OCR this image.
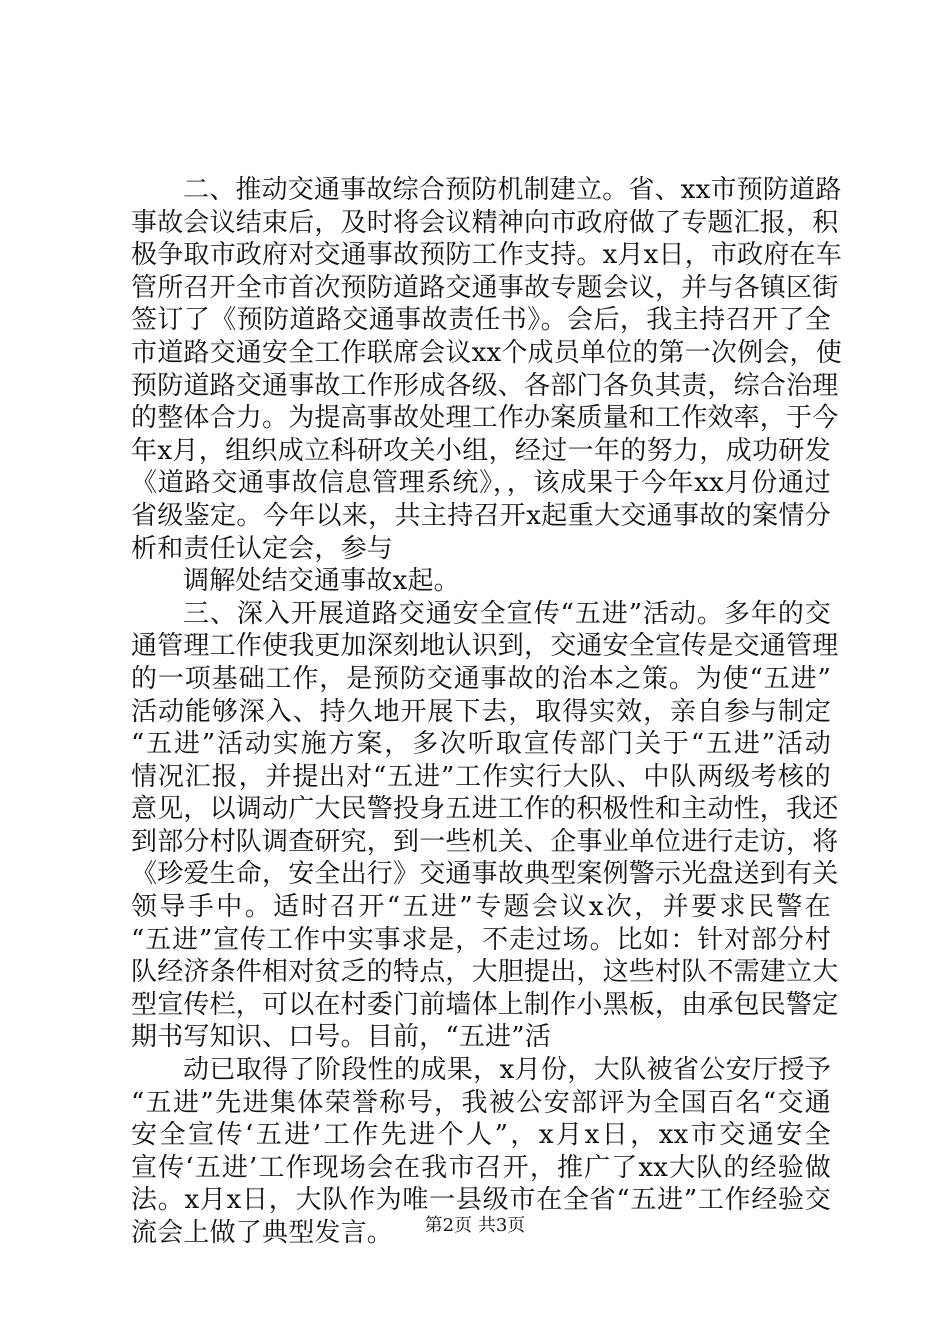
二、推动交通事故综合预防机制建立。省、xx市预防道路
事故会议结束后，及时将会议精神向市政府做了专题汇报，积
极争取市政府对交通事故预防工作支持。x月x日，市政府在车
管所召开全市首次预防道路交通事故专题会议，并与各镇区街
签订了《预防道路交通事故责任书》。会后，我主持召开了全
市道路交通安全工作联席会议xx个成员单位的第一次例会，使
预防道路交通事故工作形成各级、各部门各负其责，综合治理
的整体合力。为提高事故处理工作办案质量和工作效率，于今
年x月，组织成立科研攻关小组，经过一年的努力，成功研发
《道路交通事故信息管理系统》，，该成果于今年xx月份通过
省级鉴定。今年以来，共主持召开x起重大交通事故的案情分
析和责任认定会，参与
调解处结交通事故x起。
三、深入开展道路交通安全宣传“五进”活动。多年的交
通管理工作使我更加深刻地认识到，交通安全宣传是交通管理
的一项基础工作，是预防交通事故的治本之策。为使“五进”
活动能够深入、持久地开展下去，取得实效，亲自参与制定
“五进”活动实施方案，多次听取宣传部门关于“五进”活动
情况汇报，并提出对“五进”工作实行大队、中队两级考核的
意见，以调动广大民警投身五进工作的积极性和主动性，我还
到部分村队调查研究，到一些机关、企事业单位进行走访，将
《珍爱生命，安全出行》交通事故典型案例警示光盘送到有关
领导手中。适时召开“五进”专题会议x次，并要求民警在
“五进”宣传工作中实事求是，不走过场。比如：针对部分村
队经济条件相对贫乏的特点，大胆提出，这些村队不需建立大
型宣传栏，可以在村委门前墙体上制作小黑板，由承包民警定
期书写知识、口号。目前，“五进”活
动已取得了阶段性的成果，x月份，大队被省公安厅授予
“五进”先进集体荣誉称号，我被公安部评为全国百名“交通
安全宣传‘五进’工作先进个人”，x月x日，xx市交通安全
宣传‘五进’工作现场会在我市召开，推广了xx大队的经验做
法。x月x日，大队作为唯一县级市在全省“五进”工作经验交
流会上做了典型发言。	第2页 共3页
